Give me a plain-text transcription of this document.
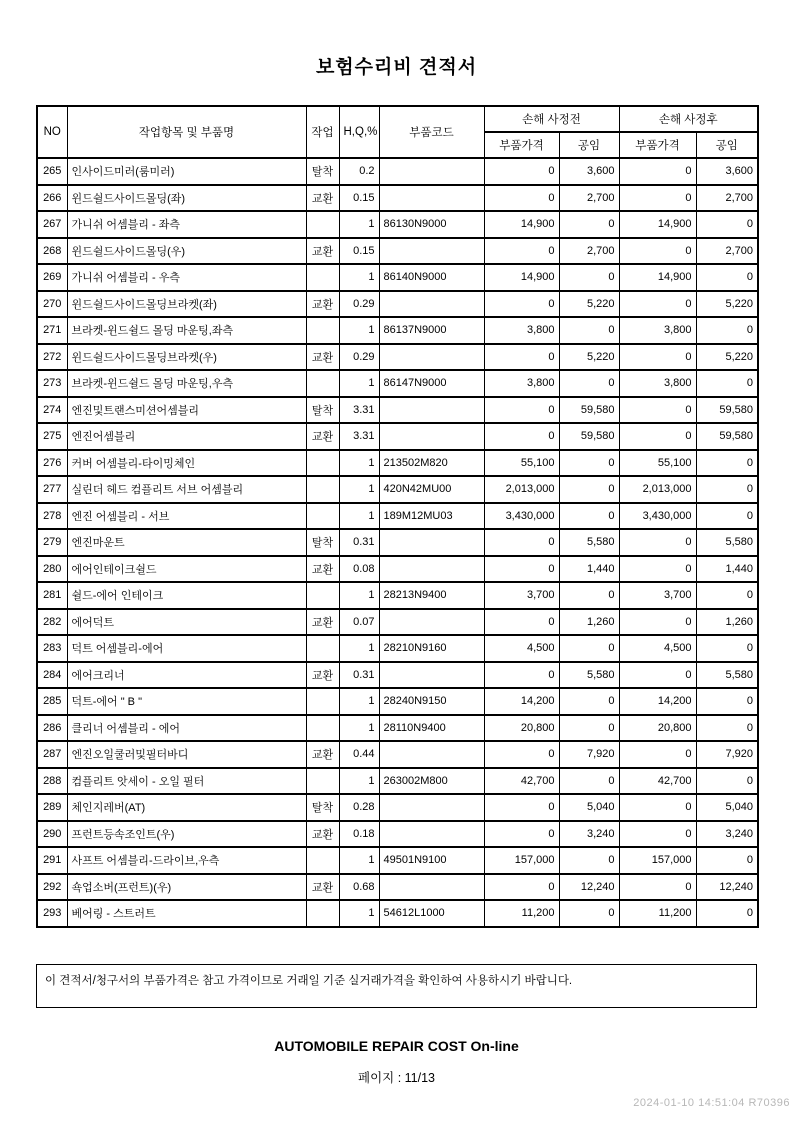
보험수리비 견적서
NO	작업항목 및 부품명	작업	H,Q,%	부품코드	손해 사정전		손해 사정후	
					부품가격	공임	부품가격	공임
265	인사이드미러(룸미러)	탈착	0.2		0	3,600	0	3,600
266	윈드쉴드사이드몰딩(좌)	교환	0.15		0	2,700	0	2,700
267	가니쉬 어셈블리 - 좌측		1	86130N9000	14,900	0	14,900	0
268	윈드쉴드사이드몰딩(우)	교환	0.15		0	2,700	0	2,700
269	가니쉬 어셈블리 - 우측		1	86140N9000	14,900	0	14,900	0
270	윈드쉴드사이드몰딩브라켓(좌)	교환	0.29		0	5,220	0	5,220
271	브라켓-윈드쉴드 몰딩 마운팅,좌측		1	86137N9000	3,800	0	3,800	0
272	윈드쉴드사이드몰딩브라켓(우)	교환	0.29		0	5,220	0	5,220
273	브라켓-윈드쉴드 몰딩 마운팅,우측		1	86147N9000	3,800	0	3,800	0
274	엔진및트랜스미션어셈블리	탈착	3.31		0	59,580	0	59,580
275	엔진어셈블리	교환	3.31		0	59,580	0	59,580
276	커버 어셈블리-타이밍체인		1	213502M820	55,100	0	55,100	0
277	실린더 헤드 컴플리트 서브 어셈블리		1	420N42MU00	2,013,000	0	2,013,000	0
278	엔진 어셈블리 - 서브		1	189M12MU03	3,430,000	0	3,430,000	0
279	엔진마운트	탈착	0.31		0	5,580	0	5,580
280	에어인테이크쉴드	교환	0.08		0	1,440	0	1,440
281	쉴드-에어 인테이크		1	28213N9400	3,700	0	3,700	0
282	에어덕트	교환	0.07		0	1,260	0	1,260
283	덕트 어셈블리-에어		1	28210N9160	4,500	0	4,500	0
284	에어크리너	교환	0.31		0	5,580	0	5,580
285	덕트-에어 " B "		1	28240N9150	14,200	0	14,200	0
286	클리너 어셈블리 - 에어		1	28110N9400	20,800	0	20,800	0
287	엔진오일쿨러및필터바디	교환	0.44		0	7,920	0	7,920
288	컴플리트 앗세이 - 오일 필터		1	263002M800	42,700	0	42,700	0
289	체인지레버(AT)	탈착	0.28		0	5,040	0	5,040
290	프런트등속조인트(우)	교환	0.18		0	3,240	0	3,240
291	사프트 어셈블리-드라이브,우측		1	49501N9100	157,000	0	157,000	0
292	쇽업소버(프런트)(우)	교환	0.68		0	12,240	0	12,240
293	베어링 - 스트러트		1	54612L1000	11,200	0	11,200	0
이 견적서/청구서의 부품가격은 참고 가격이므로 거래일 기준 실거래가격을 확인하여 사용하시기 바랍니다.
AUTOMOBILE REPAIR COST On-line
페이지 : 11/13
2024-01-10 14:51:04 R70396
